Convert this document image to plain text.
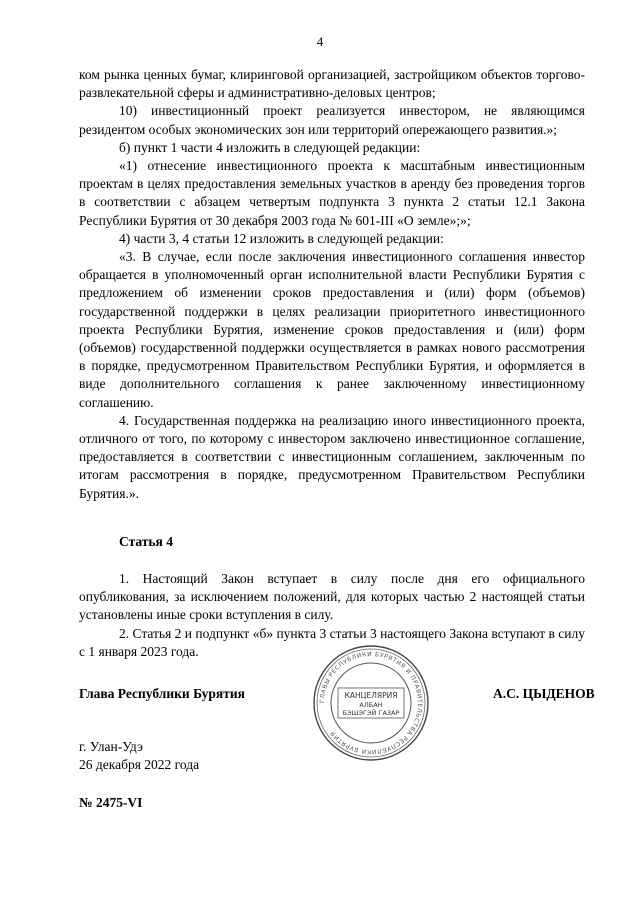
4

ком рынка ценных бумаг, клиринговой организацией, застройщиком объектов торгово-развлекательной сферы и административно-деловых центров;

10) инвестиционный проект реализуется инвестором, не являющимся резидентом особых экономических зон или территорий опережающего развития.»;

б) пункт 1 части 4 изложить в следующей редакции:

«1) отнесение инвестиционного проекта к масштабным инвестиционным проектам в целях предоставления земельных участков в аренду без проведения торгов в соответствии с абзацем четвертым подпункта 3 пункта 2 статьи 12.1 Закона Республики Бурятия от 30 декабря 2003 года № 601-III «О земле»;»;

4) части 3, 4 статьи 12 изложить в следующей редакции:

«3. В случае, если после заключения инвестиционного соглашения инвестор обращается в уполномоченный орган исполнительной власти Республики Бурятия с предложением об изменении сроков предоставления и (или) форм (объемов) государственной поддержки в целях реализации приоритетного инвестиционного проекта Республики Бурятия, изменение сроков предоставления и (или) форм (объемов) государственной поддержки осуществляется в рамках нового рассмотрения в порядке, предусмотренном Правительством Республики Бурятия, и оформляется в виде дополнительного соглашения к ранее заключенному инвестиционному соглашению.

4. Государственная поддержка на реализацию иного инвестиционного проекта, отличного от того, по которому с инвестором заключено инвестиционное соглашение, предоставляется в соответствии с инвестиционным соглашением, заключенным по итогам рассмотрения в порядке, предусмотренном Правительством Республики Бурятия.».

Статья 4

1. Настоящий Закон вступает в силу после дня его официального опубликования, за исключением положений, для которых частью 2 настоящей статьи установлены иные сроки вступления в силу.

2. Статья 2 и подпункт «б» пункта 3 статьи 3 настоящего Закона вступают в силу с 1 января 2023 года.

Глава Республики Бурятия	А.С. ЦЫДЕНОВ
ГЛАВЫ РЕСПУБЛИКИ БУРЯТИЯ И ПРАВИТЕЛЬСТВА РЕСПУБЛИКИ БУРЯТИЯ
КАНЦЕЛЯРИЯ
АЛБАН
БЭШЭГЭЙ ГАЗАР
г. Улан-Удэ
26 декабря 2022 года
№ 2475-VI
